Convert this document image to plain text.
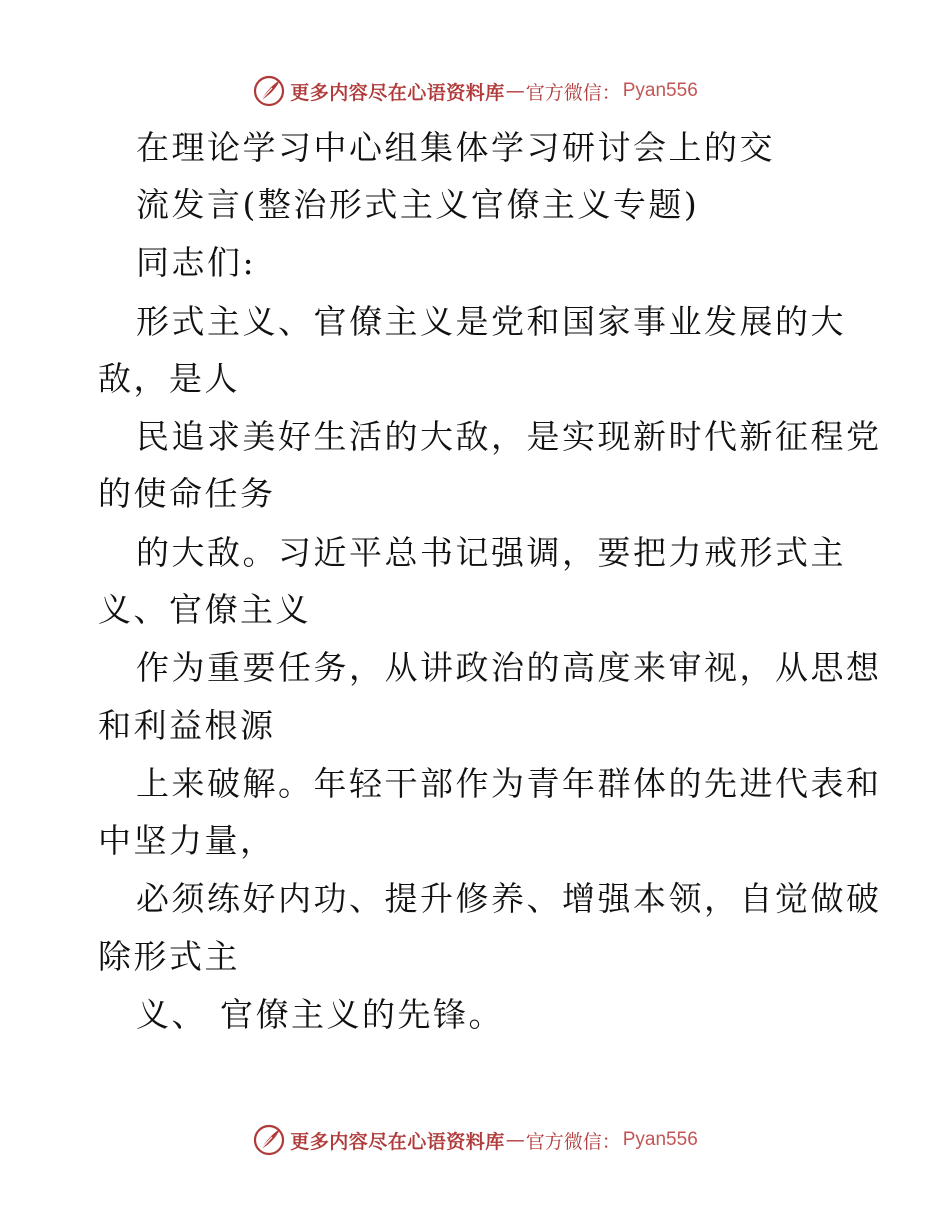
更多内容尽在心语资料库 — 官方微信： Pyan556
在理论学习中心组集体学习研讨会上的交
流发言(整治形式主义官僚主义专题)
同志们:
形式主义、官僚主义是党和国家事业发展的大
敌，是人
民追求美好生活的大敌，是实现新时代新征程党
的使命任务
的大敌。习近平总书记强调，要把力戒形式主
义、官僚主义
作为重要任务，从讲政治的高度来审视，从思想
和利益根源
上来破解。年轻干部作为青年群体的先进代表和
中坚力量，
必须练好内功、提升修养、增强本领，自觉做破
除形式主
义、 官僚主义的先锋。
更多内容尽在心语资料库 — 官方微信： Pyan556
